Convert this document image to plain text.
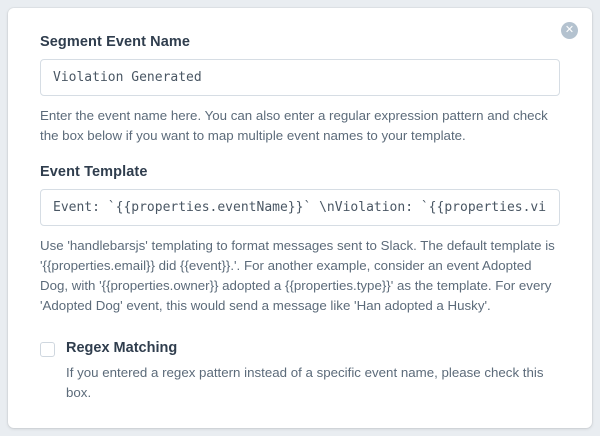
✕
Segment Event Name
Violation Generated

Enter the event name here. You can also enter a regular expression pattern and check the box below if you want to map multiple event names to your template.

Event Template
Event: `{{properties.eventName}}` \nViolation: `{{properties.violatio

Use 'handlebarsjs' templating to format messages sent to Slack. The default template is '{{properties.email}} did {{event}}.'. For another example, consider an event Adopted Dog, with '{{properties.owner}} adopted a {{properties.type}}' as the template. For every 'Adopted Dog' event, this would send a message like 'Han adopted a Husky'.

Regex Matching

If you entered a regex pattern instead of a specific event name, please check this box.
